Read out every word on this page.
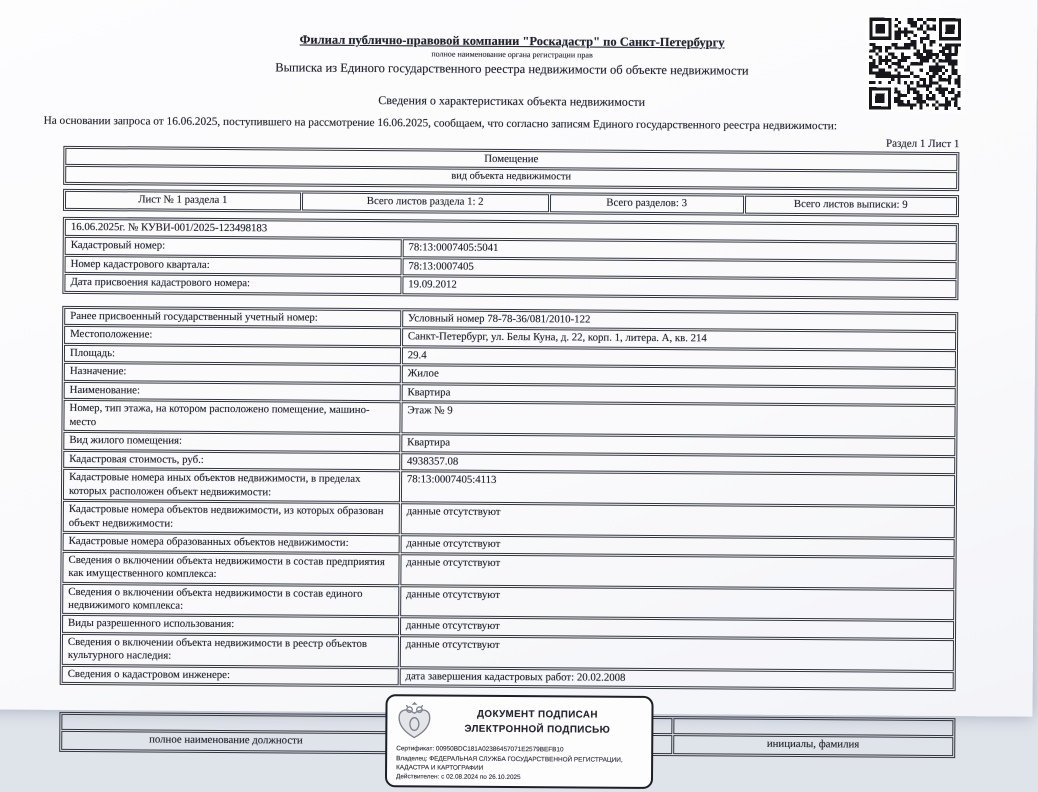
Филиал публично-правовой компании "Роскадастр" по Санкт-Петербургу
полное наименование органа регистрации прав
Выписка из Единого государственного реестра недвижимости об объекте недвижимости
Сведения о характеристиках объекта недвижимости
На основании запроса от 16.06.2025, поступившего на рассмотрение 16.06.2025, сообщаем, что согласно записям Единого государственного реестра недвижимости:
Раздел 1 Лист 1
Помещение
вид объекта недвижимости
Лист № 1 раздела 1	Всего листов раздела 1: 2	Всего разделов: 3	Всего листов выписки: 9
16.06.2025г. № КУВИ-001/2025-123498183	
Кадастровый номер:	78:13:0007405:5041
Номер кадастрового квартала:	78:13:0007405
Дата присвоения кадастрового номера:	19.09.2012
Ранее присвоенный государственный учетный номер:	Условный номер 78-78-36/081/2010-122
Местоположение:	Санкт-Петербург, ул. Белы Куна, д. 22, корп. 1, литера. А, кв. 214
Площадь:	29.4
Назначение:	Жилое
Наименование:	Квартира
Номер, тип этажа, на котором расположено помещение, машино-место	Этаж № 9
Вид жилого помещения:	Квартира
Кадастровая стоимость, руб.:	4938357.08
Кадастровые номера иных объектов недвижимости, в пределах которых расположен объект недвижимости:	78:13:0007405:4113
Кадастровые номера объектов недвижимости, из которых образован объект недвижимости:	данные отсутствуют
Кадастровые номера образованных объектов недвижимости:	данные отсутствуют
Сведения о включении объекта недвижимости в состав предприятия как имущественного комплекса:	данные отсутствуют
Сведения о включении объекта недвижимости в состав единого недвижимого комплекса:	данные отсутствуют
Виды разрешенного использования:	данные отсутствуют
Сведения о включении объекта недвижимости в реестр объектов культурного наследия:	данные отсутствуют
Сведения о кадастровом инженере:	дата завершения кадастровых работ: 20.02.2008

полное наименование должности		инициалы, фамилия
ДОКУМЕНТ ПОДПИСАН
ЭЛЕКТРОННОЙ ПОДПИСЬЮ
Сертификат: 00950BDC181A02386457071E2579BEFB10
Владелец: ФЕДЕРАЛЬНАЯ СЛУЖБА ГОСУДАРСТВЕННОЙ РЕГИСТРАЦИИ, КАДАСТРА И КАРТОГРАФИИ
Действителен: с 02.08.2024 по 26.10.2025
